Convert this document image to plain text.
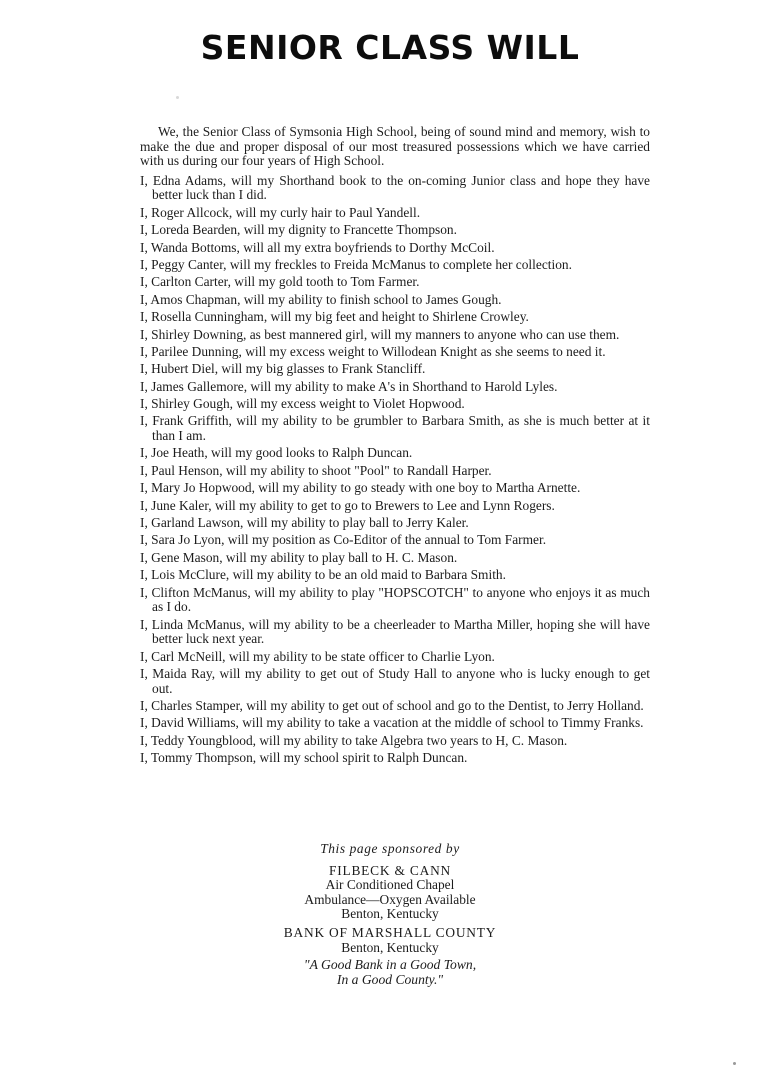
SENIOR CLASS WILL

We, the Senior Class of Symsonia High School, being of sound mind and memory, wish to make the due and proper disposal of our most treasured possessions which we have carried with us during our four years of High School.

I, Edna Adams, will my Shorthand book to the on-coming Junior class and hope they have better luck than I did.

I, Roger Allcock, will my curly hair to Paul Yandell.

I, Loreda Bearden, will my dignity to Francette Thompson.

I, Wanda Bottoms, will all my extra boyfriends to Dorthy McCoil.

I, Peggy Canter, will my freckles to Freida McManus to complete her collection.

I, Carlton Carter, will my gold tooth to Tom Farmer.

I, Amos Chapman, will my ability to finish school to James Gough.

I, Rosella Cunningham, will my big feet and height to Shirlene Crowley.

I, Shirley Downing, as best mannered girl, will my manners to anyone who can use them.

I, Parilee Dunning, will my excess weight to Willodean Knight as she seems to need it.

I, Hubert Diel, will my big glasses to Frank Stancliff.

I, James Gallemore, will my ability to make A's in Shorthand to Harold Lyles.

I, Shirley Gough, will my excess weight to Violet Hopwood.

I, Frank Griffith, will my ability to be grumbler to Barbara Smith, as she is much better at it than I am.

I, Joe Heath, will my good looks to Ralph Duncan.

I, Paul Henson, will my ability to shoot "Pool" to Randall Harper.

I, Mary Jo Hopwood, will my ability to go steady with one boy to Martha Arnette.

I, June Kaler, will my ability to get to go to Brewers to Lee and Lynn Rogers.

I, Garland Lawson, will my ability to play ball to Jerry Kaler.

I, Sara Jo Lyon, will my position as Co-Editor of the annual to Tom Farmer.

I, Gene Mason, will my ability to play ball to H. C. Mason.

I, Lois McClure, will my ability to be an old maid to Barbara Smith.

I, Clifton McManus, will my ability to play "HOPSCOTCH" to anyone who enjoys it as much as I do.

I, Linda McManus, will my ability to be a cheerleader to Martha Miller, hoping she will have better luck next year.

I, Carl McNeill, will my ability to be state officer to Charlie Lyon.

I, Maida Ray, will my ability to get out of Study Hall to anyone who is lucky enough to get out.

I, Charles Stamper, will my ability to get out of school and go to the Dentist, to Jerry Holland.

I, David Williams, will my ability to take a vacation at the middle of school to Timmy Franks.

I, Teddy Youngblood, will my ability to take Algebra two years to H, C. Mason.

I, Tommy Thompson, will my school spirit to Ralph Duncan.

This page sponsored by
FILBECK & CANN
Air Conditioned Chapel
Ambulance—Oxygen Available
Benton, Kentucky
BANK OF MARSHALL COUNTY
Benton, Kentucky
"A Good Bank in a Good Town,
In a Good County."
